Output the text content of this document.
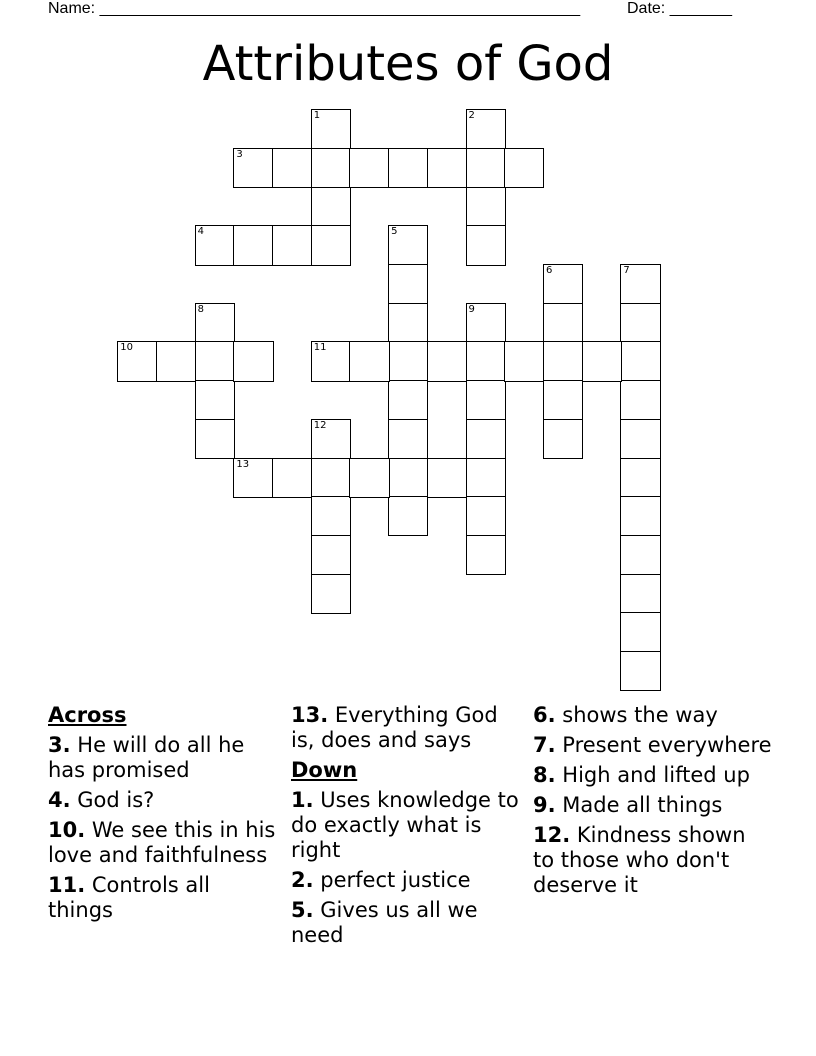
Name: ______________________________________________________	Date: _______
Attributes of God
1	2
3
4	5
6	7
8	9
10	11
12
13
Across
3. He will do all he has promised
4. God is?
10. We see this in his love and faithfulness
11. Controls all things
13. Everything God is, does and says
Down
1. Uses knowledge to do exactly what is right
2. perfect justice
5. Gives us all we need
6. shows the way
7. Present everywhere
8. High and lifted up
9. Made all things
12. Kindness shown to those who don't deserve it
